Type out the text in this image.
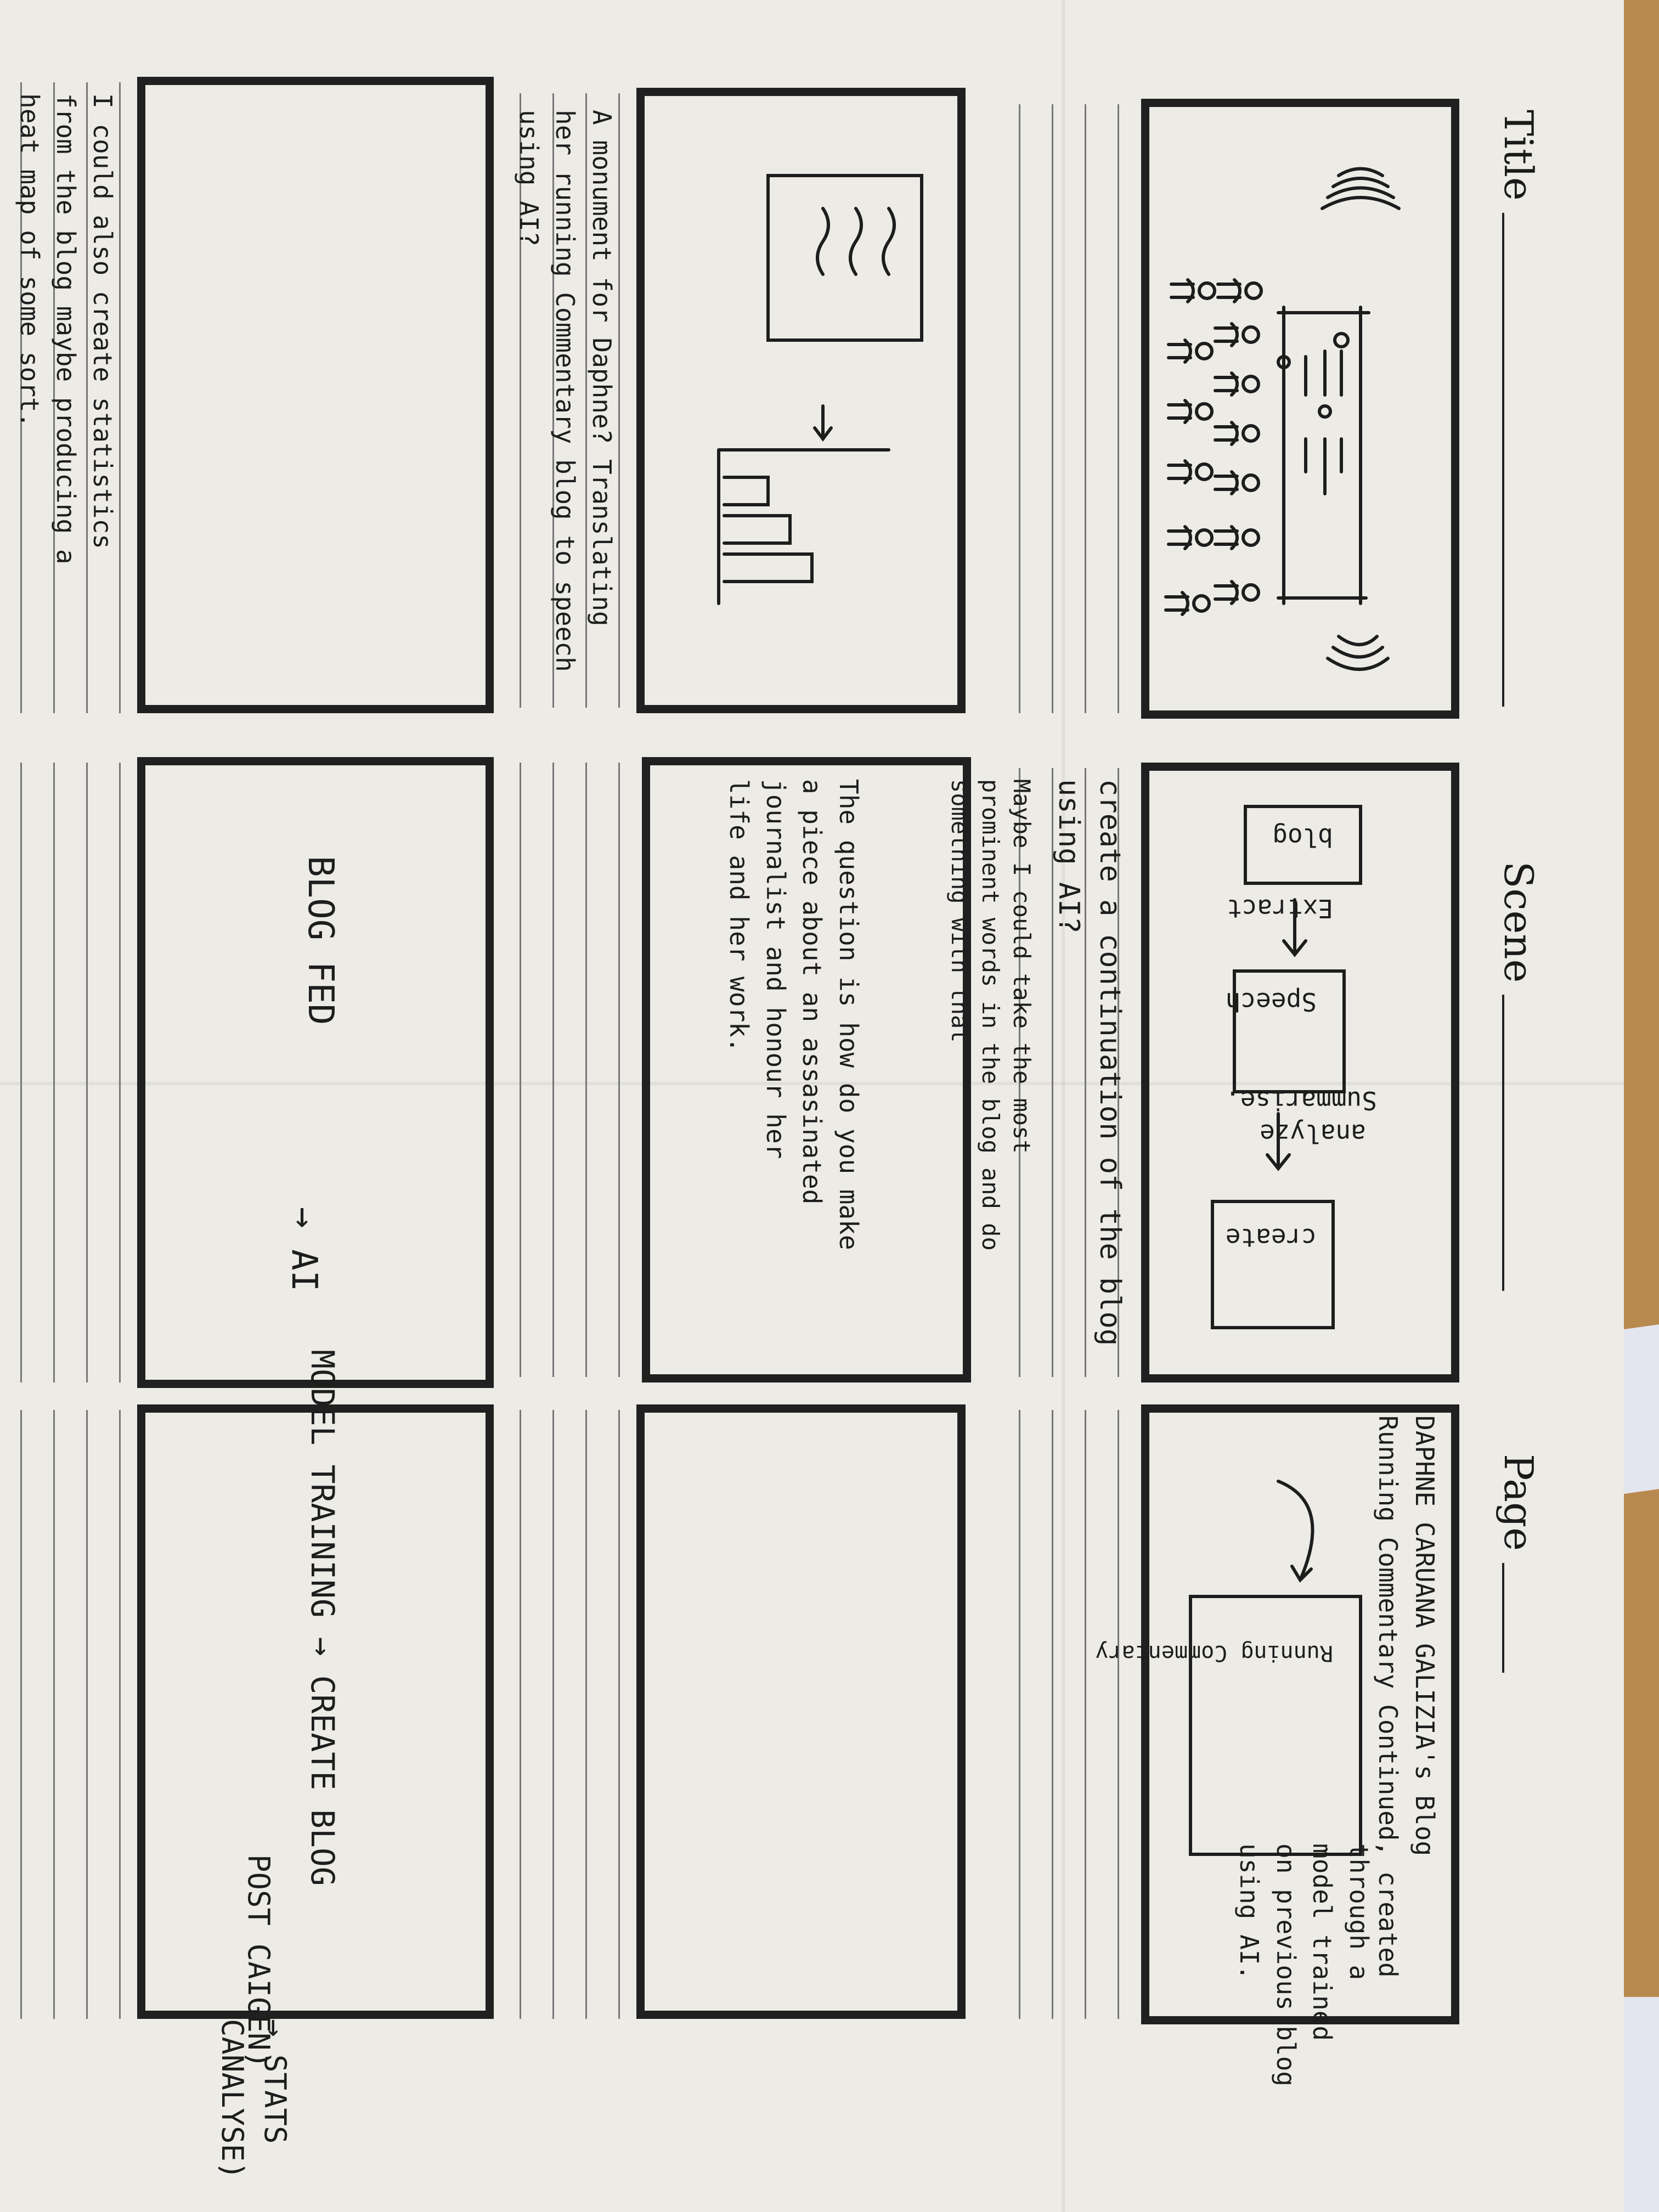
Title
Scene
Page
Extract
analyze
blog
Speech
Summarise.
create
Running Commentary
A monument for Daphne? Translating
her running Commentary blog to speech
using AI?
create a continuation of the blog
using AI?
Maybe I could take the most
prominent words in the blog and do
something with that
The question is how do you make
a piece about an assasinated
journalist and honour her
life and her work.
DAPHNE CARUANA GALIZIA's Blog
Running Commentary Continued, created
through a
model trained
on previous blog
using AI.
I could also create statistics
from the blog maybe producing a
heat map of some sort.
BLOG FED
→ AI
MODEL TRAINING → CREATE BLOG
POST CAIGEN)
→ STATS
CANALYSE)
